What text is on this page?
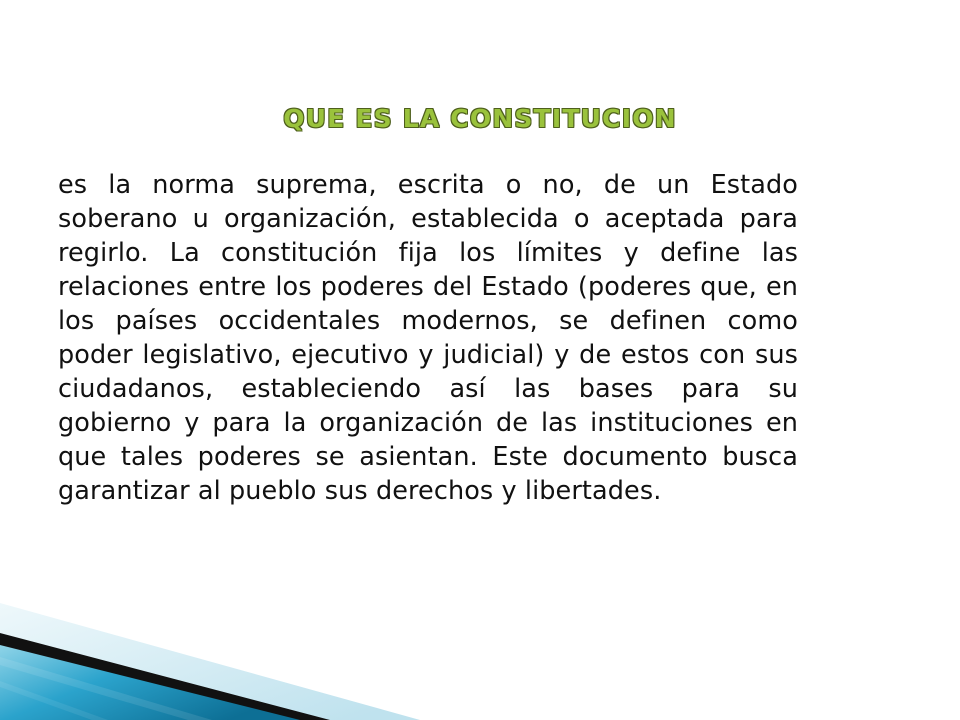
QUE ES LA CONSTITUCION
es la norma suprema, escrita o no, de un Estado soberano u organización, establecida o aceptada para regirlo. La constitución fija los límites y define las relaciones entre los poderes del Estado (poderes que, en los países occidentales modernos, se definen como poder legislativo, ejecutivo y judicial) y de estos con sus ciudadanos, estableciendo así las bases para su gobierno y para la organización de las instituciones en que tales poderes se asientan. Este documento busca garantizar al pueblo sus derechos y libertades.
